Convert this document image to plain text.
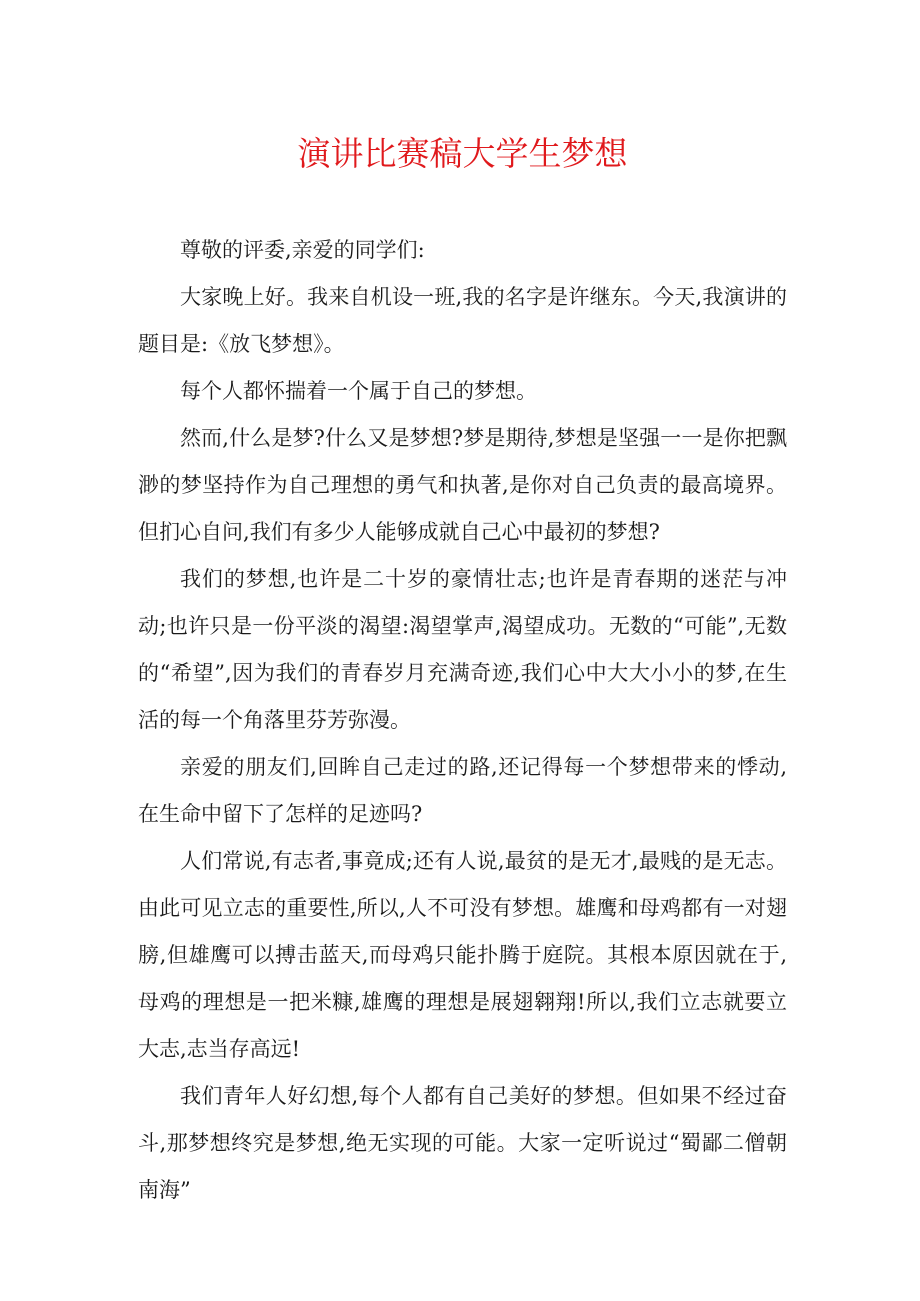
演讲比赛稿大学生梦想

尊敬的评委,亲爱的同学们:

大家晚上好。我来自机设一班,我的名字是许继东。今天,我演讲的题目是:《放飞梦想》。

每个人都怀揣着一个属于自己的梦想。

然而,什么是梦?什么又是梦想?梦是期待,梦想是坚强一一是你把飘渺的梦坚持作为自己理想的勇气和执著,是你对自己负责的最高境界。但扪心自问,我们有多少人能够成就自己心中最初的梦想?

我们的梦想,也许是二十岁的豪情壮志;也许是青春期的迷茫与冲动;也许只是一份平淡的渴望:渴望掌声,渴望成功。无数的“可能”,无数的“希望”,因为我们的青春岁月充满奇迹,我们心中大大小小的梦,在生活的每一个角落里芬芳弥漫。

亲爱的朋友们,回眸自己走过的路,还记得每一个梦想带来的悸动,在生命中留下了怎样的足迹吗?

人们常说,有志者,事竟成;还有人说,最贫的是无才,最贱的是无志。由此可见立志的重要性,所以,人不可没有梦想。雄鹰和母鸡都有一对翅膀,但雄鹰可以搏击蓝天,而母鸡只能扑腾于庭院。其根本原因就在于,母鸡的理想是一把米糠,雄鹰的理想是展翅翱翔!所以,我们立志就要立大志,志当存高远!

我们青年人好幻想,每个人都有自己美好的梦想。但如果不经过奋斗,那梦想终究是梦想,绝无实现的可能。大家一定听说过“蜀鄙二僧朝南海”
